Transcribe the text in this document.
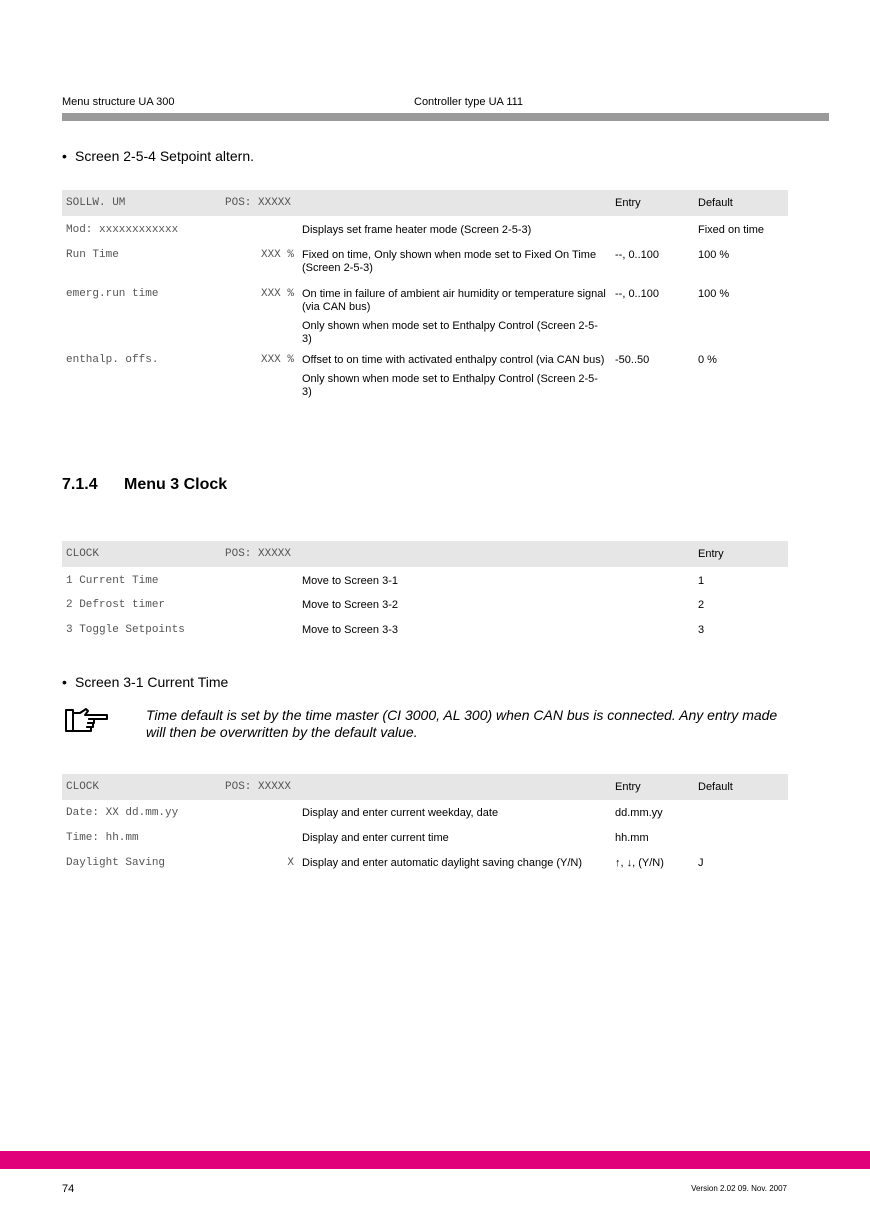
Menu structure UA 300	Controller type UA 111
• Screen 2-5-4 Setpoint altern.
SOLLW. UM	POS: XXXXX		Entry	Default
Mod: xxxxxxxxxxxx		Displays set frame heater mode (Screen 2-5-3)		Fixed on time
Run Time	XXX %	Fixed on time, Only shown when mode set to Fixed On Time (Screen 2-5-3)	--, 0..100	100 %
emerg.run time	XXX %	On time in failure of ambient air humidity or temperature signal (via CAN bus)

Only shown when mode set to Enthalpy Control (Screen 2-5-3)	--, 0..100	100 %
enthalp. offs.	XXX %	Offset to on time with activated enthalpy control (via CAN bus)

Only shown when mode set to Enthalpy Control (Screen 2-5-3)	-50..50	0 %
7.1.4 Menu 3 Clock
CLOCK	POS: XXXXX			Entry
1 Current Time		Move to Screen 3-1		1
2 Defrost timer		Move to Screen 3-2		2
3 Toggle Setpoints		Move to Screen 3-3		3
• Screen 3-1 Current Time
Time default is set by the time master (CI 3000, AL 300) when CAN bus is connected. Any entry made will then be overwritten by the default value.
CLOCK	POS: XXXXX		Entry	Default
Date: XX dd.mm.yy		Display and enter current weekday, date	dd.mm.yy	
Time: hh.mm		Display and enter current time	hh.mm	
Daylight Saving	X	Display and enter automatic daylight saving change (Y/N)	↑, ↓, (Y/N)	J
74	Version 2.02 09. Nov. 2007
